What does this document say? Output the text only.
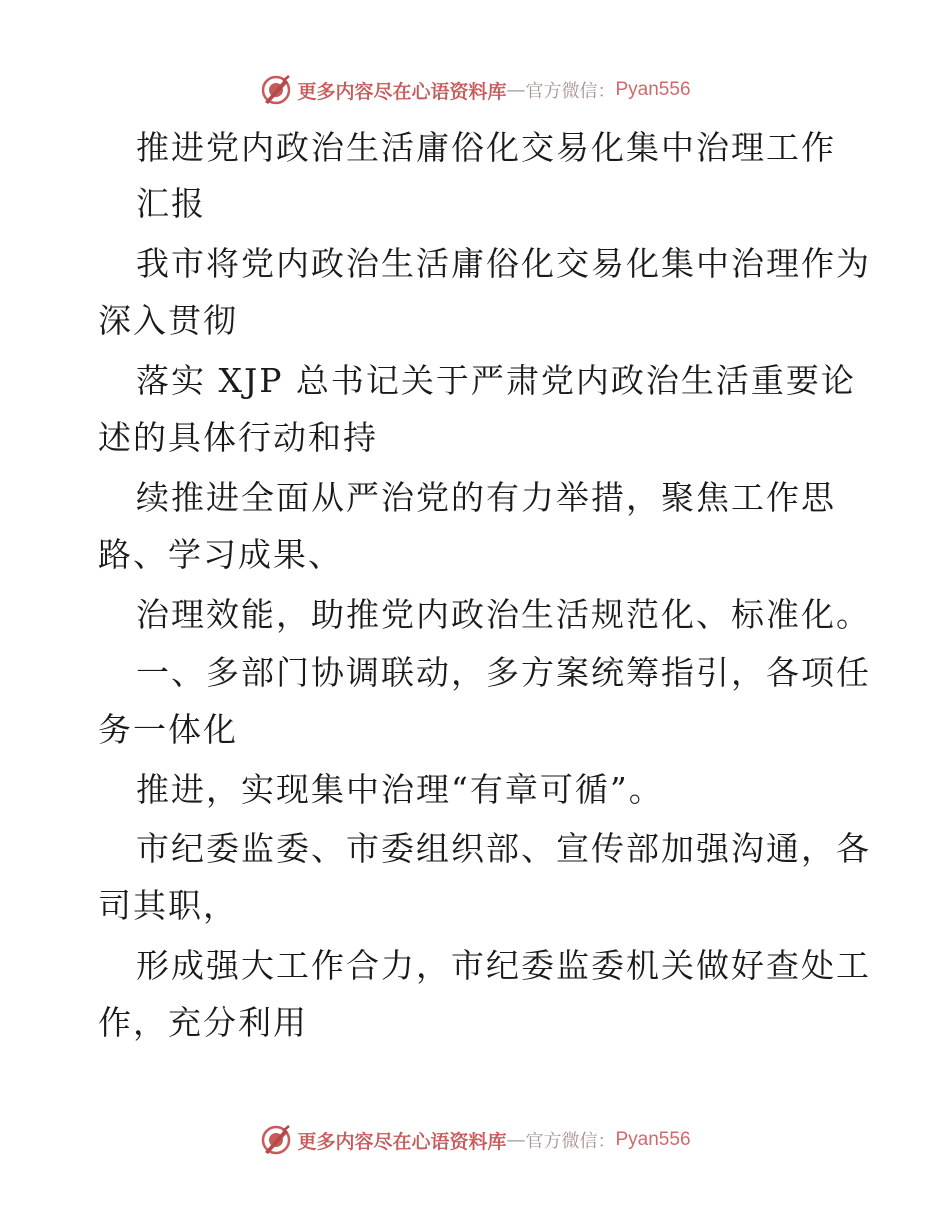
更多内容尽在心语资料库 — 官方微信： Pyan556
推进党内政治生活庸俗化交易化集中治理工作
汇报
我市将党内政治生活庸俗化交易化集中治理作为
深入贯彻
落实 XJP 总书记关于严肃党内政治生活重要论
述的具体行动和持
续推进全面从严治党的有力举措，聚焦工作思
路、学习成果、
治理效能，助推党内政治生活规范化、标准化。
一、多部门协调联动，多方案统筹指引，各项任
务一体化
推进，实现集中治理“有章可循”。
市纪委监委、市委组织部、宣传部加强沟通，各
司其职，
形成强大工作合力，市纪委监委机关做好查处工
作，充分利用
更多内容尽在心语资料库 — 官方微信： Pyan556
